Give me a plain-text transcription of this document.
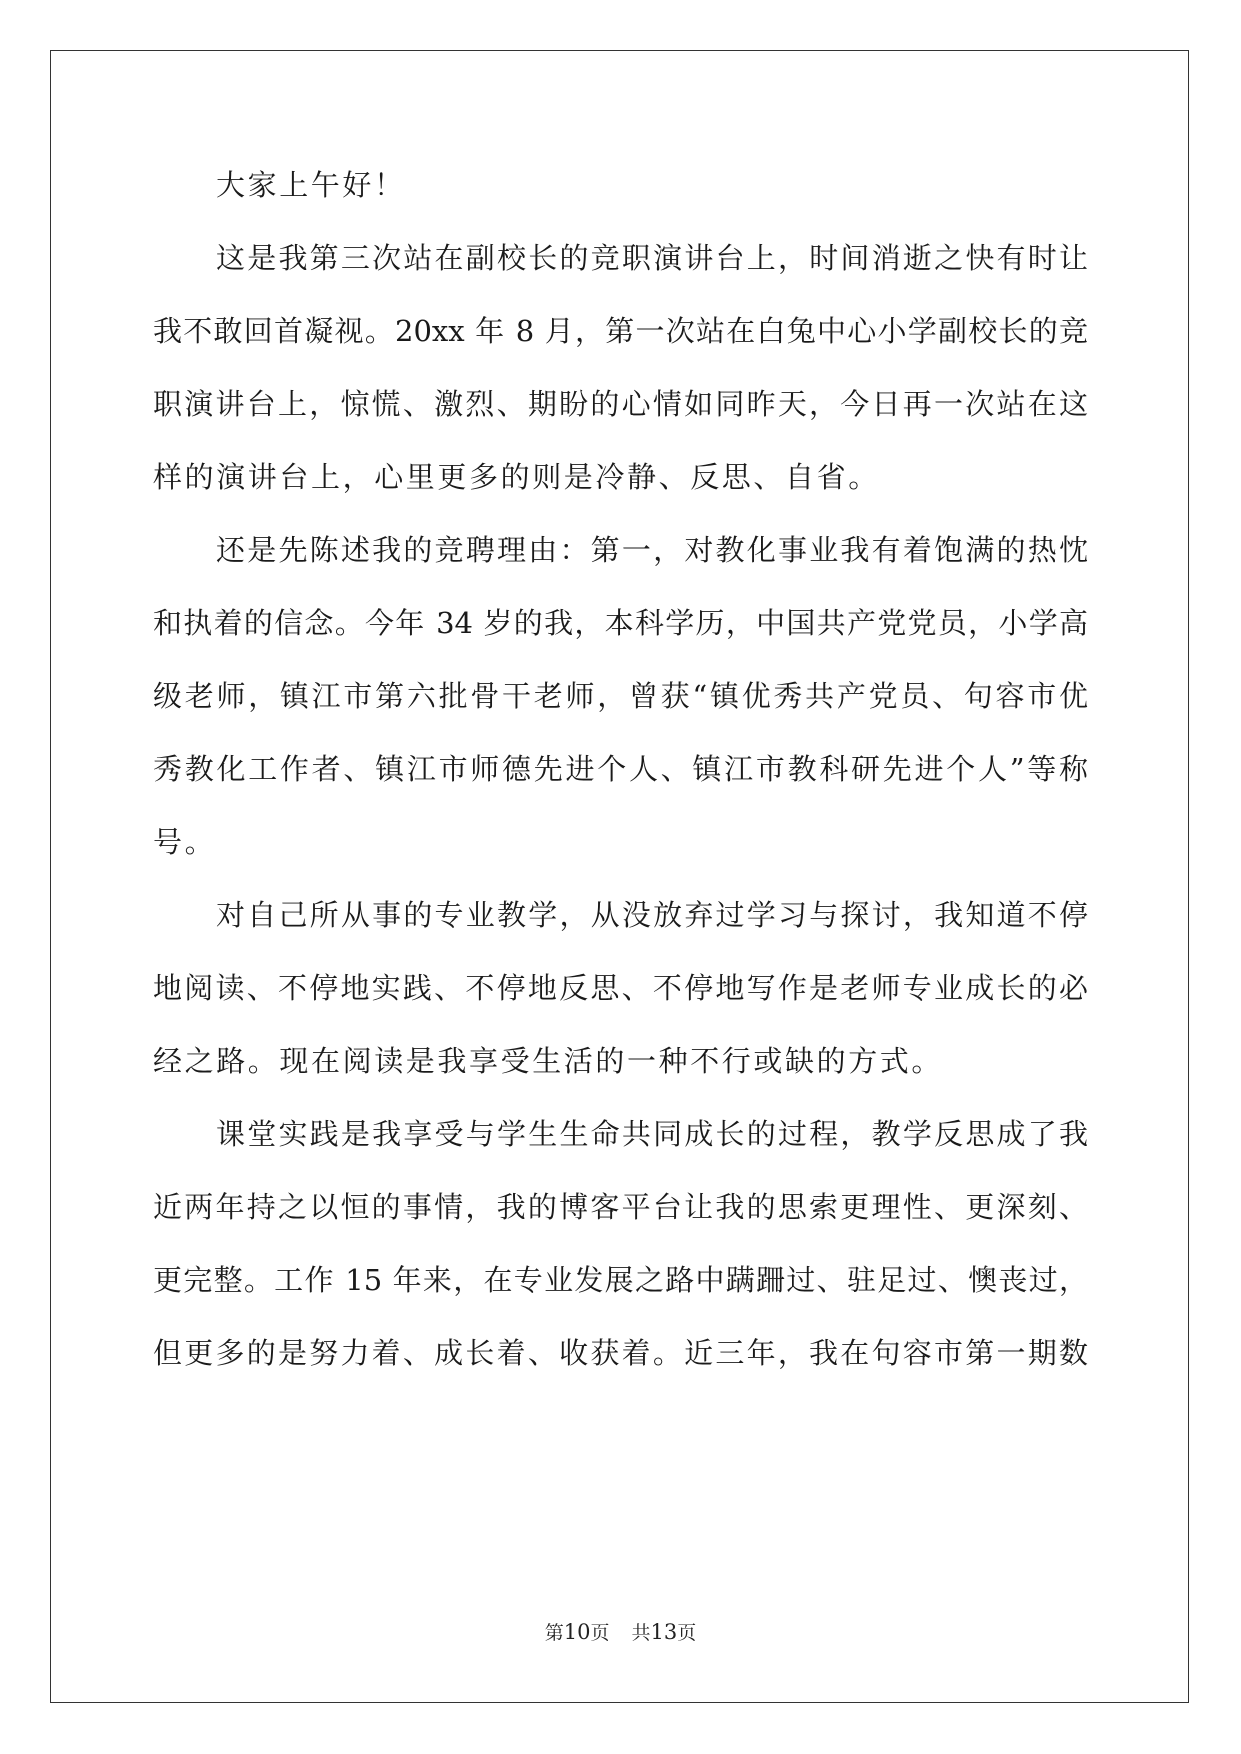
大家上午好！
这是我第三次站在副校长的竞职演讲台上，时间消逝之快有时让
我不敢回首凝视。20xx 年 8 月，第一次站在白兔中心小学副校长的竞
职演讲台上，惊慌、激烈、期盼的心情如同昨天，今日再一次站在这
样的演讲台上，心里更多的则是冷静、反思、自省。
还是先陈述我的竞聘理由：第一，对教化事业我有着饱满的热忱
和执着的信念。今年 34 岁的我，本科学历，中国共产党党员，小学高
级老师，镇江市第六批骨干老师，曾获“镇优秀共产党员、句容市优
秀教化工作者、镇江市师德先进个人、镇江市教科研先进个人”等称
号。
对自己所从事的专业教学，从没放弃过学习与探讨，我知道不停
地阅读、不停地实践、不停地反思、不停地写作是老师专业成长的必
经之路。现在阅读是我享受生活的一种不行或缺的方式。
课堂实践是我享受与学生生命共同成长的过程，教学反思成了我
近两年持之以恒的事情，我的博客平台让我的思索更理性、更深刻、
更完整。工作 15 年来，在专业发展之路中蹒跚过、驻足过、懊丧过，
但更多的是努力着、成长着、收获着。近三年，我在句容市第一期数
第10页 共13页
